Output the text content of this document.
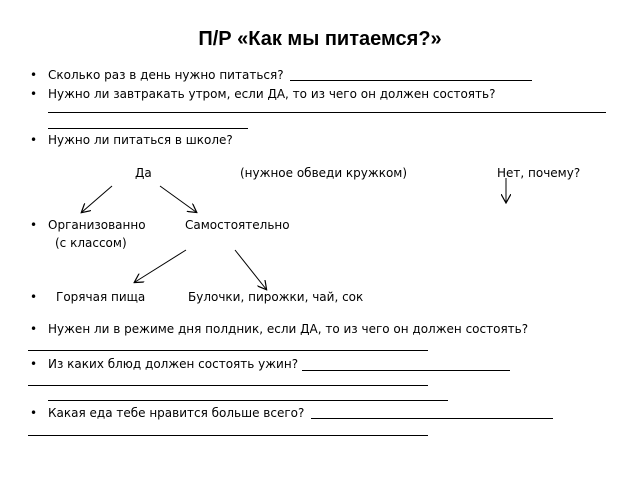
П/Р «Как мы питаемся?»
• Сколько раз в день нужно питаться?
• Нужно ли завтракать утром, если ДА, то из чего он должен состоять?
• Нужно ли питаться в школе?
Да	(нужное обведи кружком)	Нет, почему?
• Организованно	Самостоятельно
(с классом)
• Горячая пища	Булочки, пирожки, чай, сок
• Нужен ли в режиме дня полдник, если ДА, то из чего он должен состоять?
• Из каких блюд должен состоять ужин?
• Какая еда тебе нравится больше всего?
